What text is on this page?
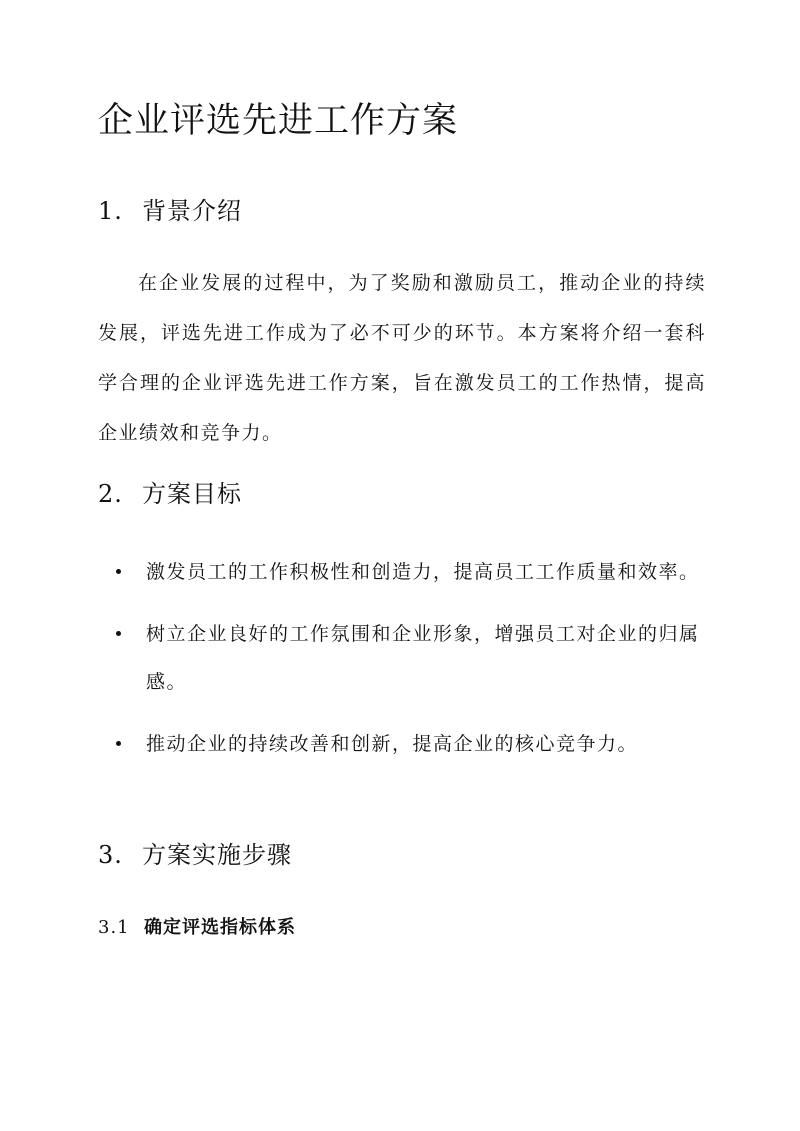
企业评选先进工作方案
1. 背景介绍

在企业发展的过程中，为了奖励和激励员工，推动企业的持续发展，评选先进工作成为了必不可少的环节。本方案将介绍一套科学合理的企业评选先进工作方案，旨在激发员工的工作热情，提高企业绩效和竞争力。

2. 方案目标
激发员工的工作积极性和创造力，提高员工工作质量和效率。
树立企业良好的工作氛围和企业形象，增强员工对企业的归属感。
推动企业的持续改善和创新，提高企业的核心竞争力。
3. 方案实施步骤
3.1 确定评选指标体系
